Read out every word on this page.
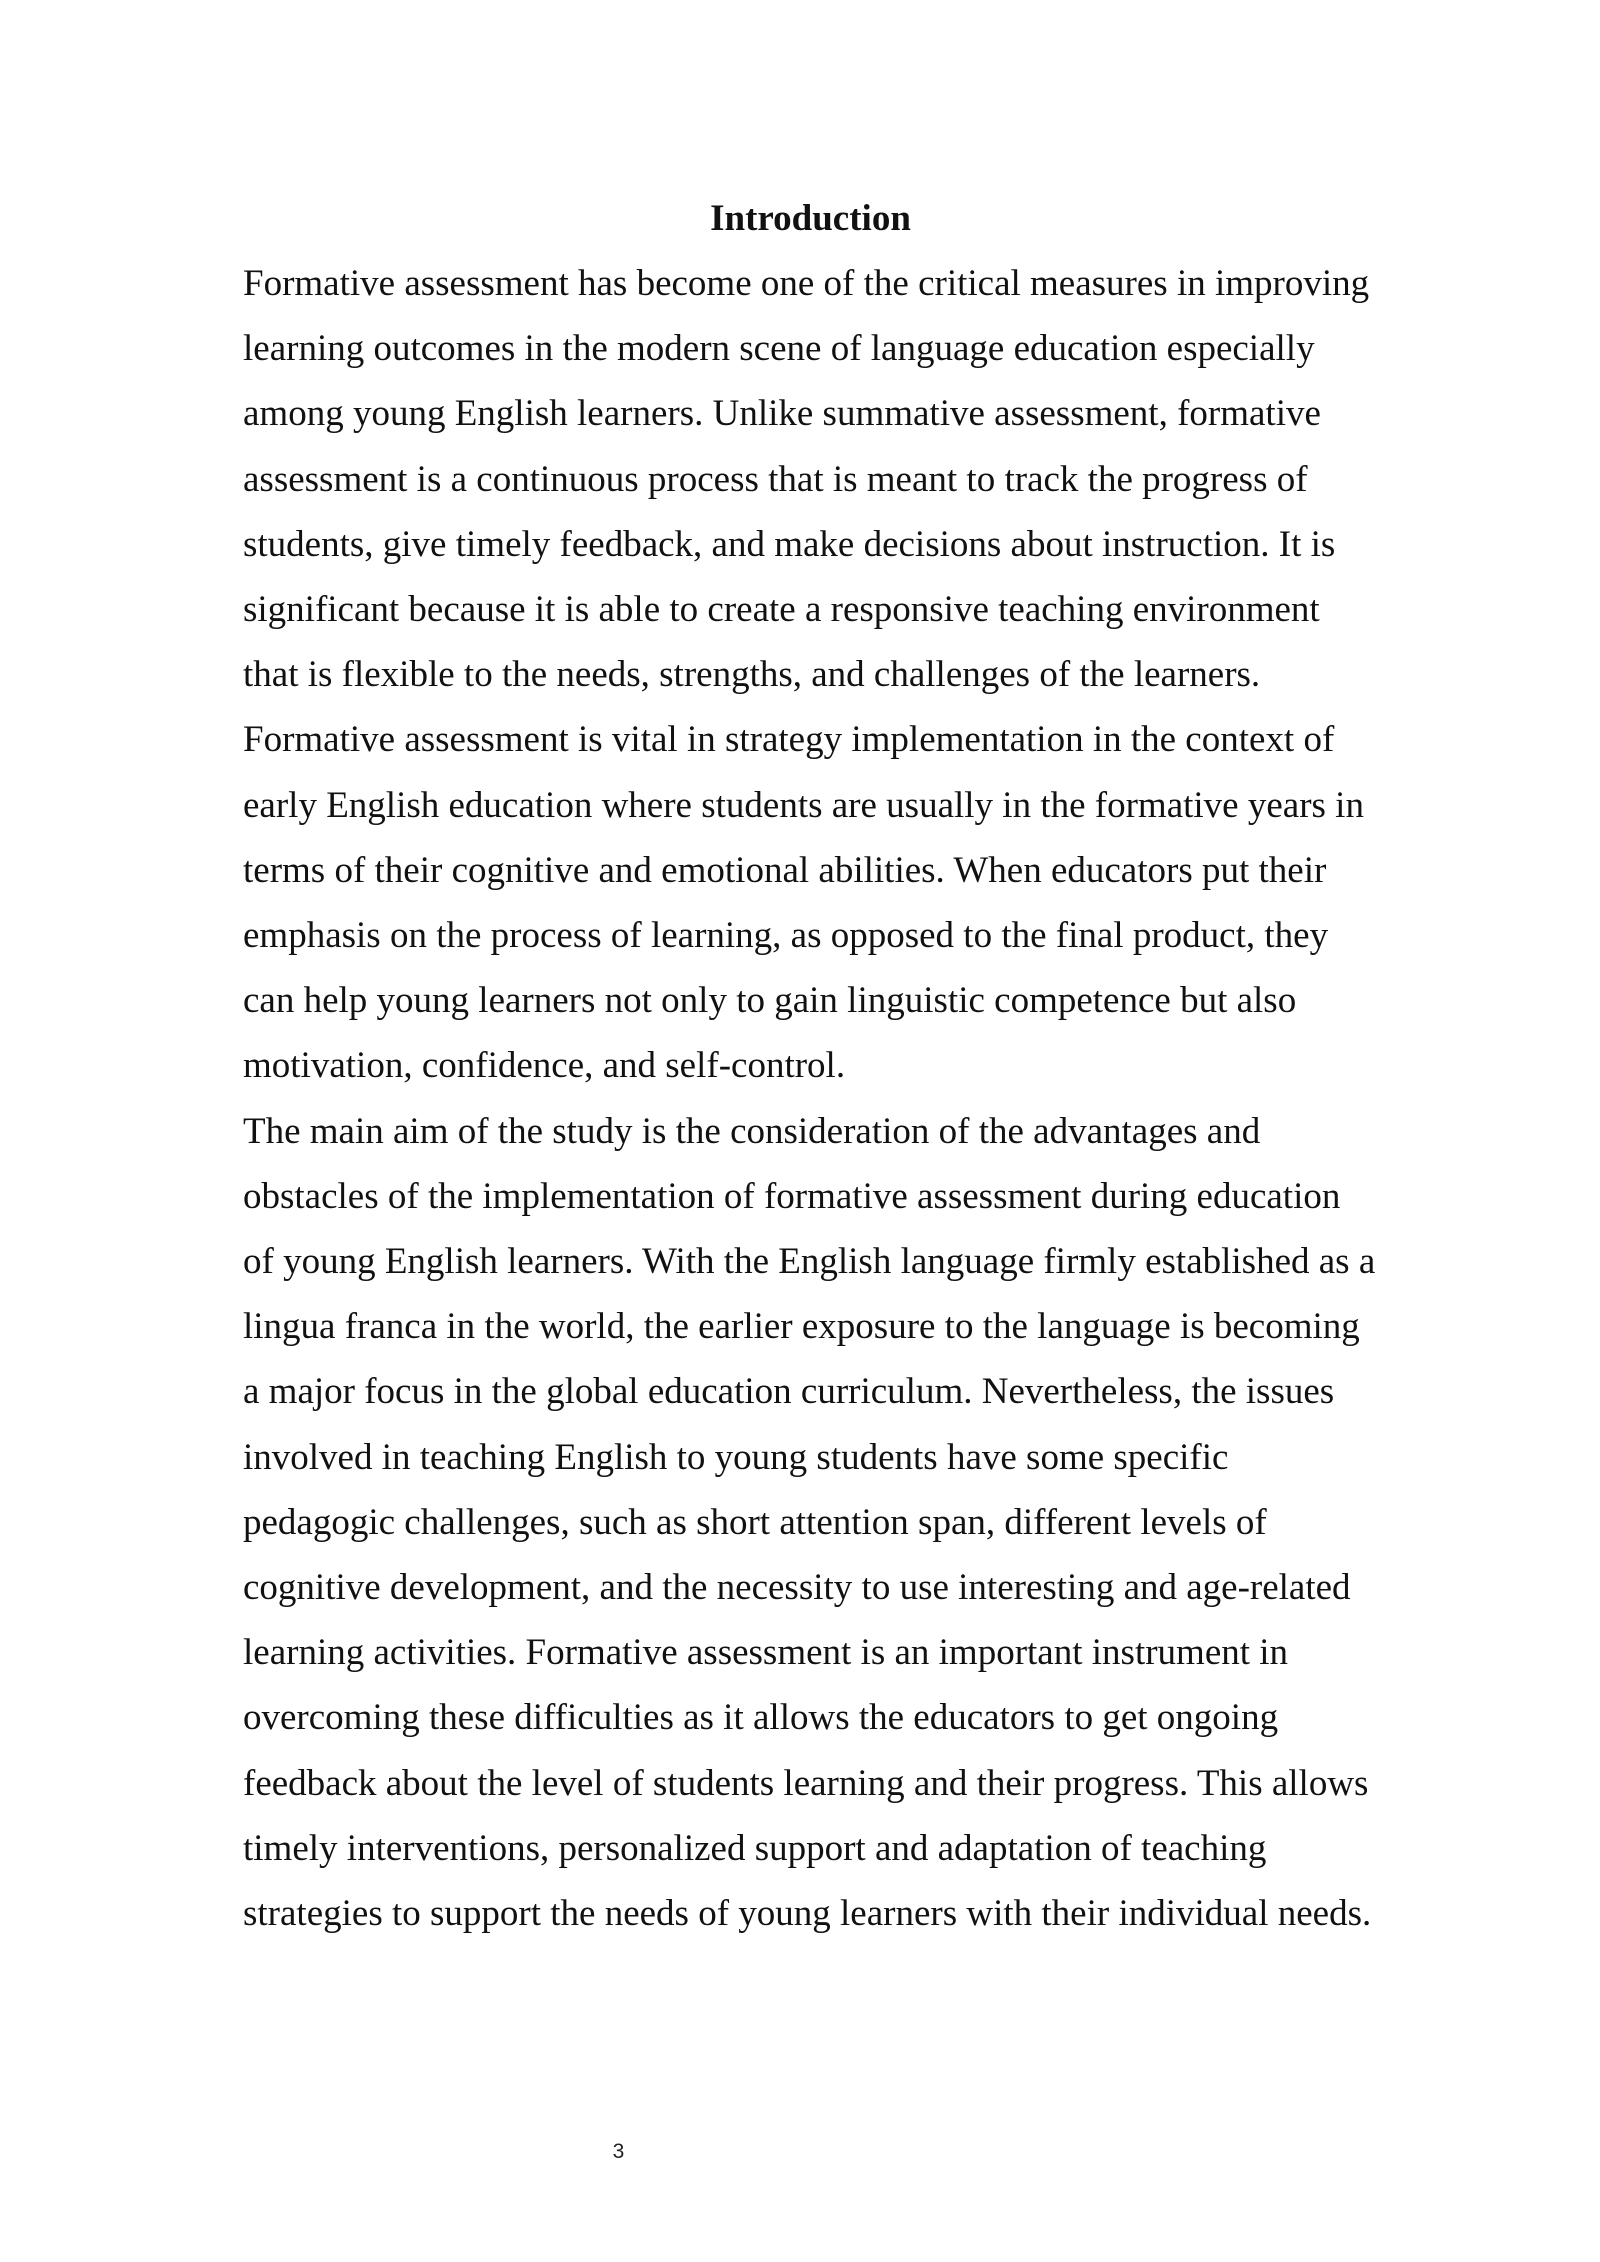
Introduction

Formative assessment has become one of the critical measures in improving learning outcomes in the modern scene of language education especially among young English learners. Unlike summative assessment, formative assessment is a continuous process that is meant to track the progress of students, give timely feedback, and make decisions about instruction. It is significant because it is able to create a responsive teaching environment that is flexible to the needs, strengths, and challenges of the learners. Formative assessment is vital in strategy implementation in the context of early English education where students are usually in the formative years in terms of their cognitive and emotional abilities. When educators put their emphasis on the process of learning, as opposed to the final product, they can help young learners not only to gain linguistic competence but also motivation, confidence, and self-control.

The main aim of the study is the consideration of the advantages and obstacles of the implementation of formative assessment during education of young English learners. With the English language firmly established as a lingua franca in the world, the earlier exposure to the language is becoming a major focus in the global education curriculum. Nevertheless, the issues involved in teaching English to young students have some specific pedagogic challenges, such as short attention span, different levels of cognitive development, and the necessity to use interesting and age-related learning activities. Formative assessment is an important instrument in overcoming these difficulties as it allows the educators to get ongoing feedback about the level of students learning and their progress. This allows timely interventions, personalized support and adaptation of teaching strategies to support the needs of young learners with their individual needs.

3
